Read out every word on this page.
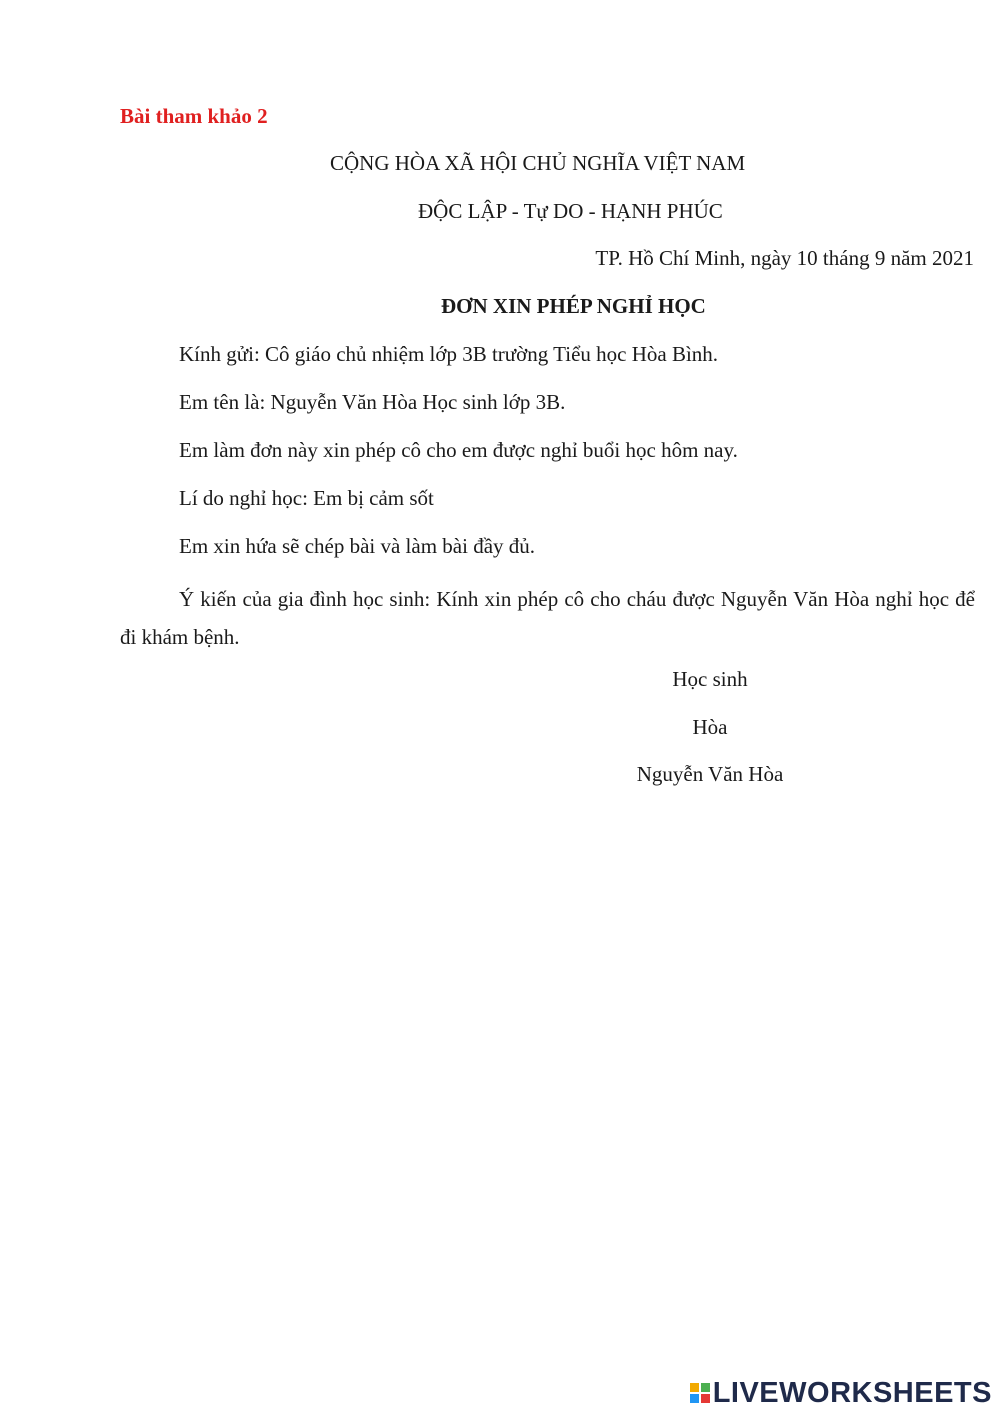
Bài tham khảo 2
CỘNG HÒA XÃ HỘI CHỦ NGHĨA VIỆT NAM
ĐỘC LẬP - Tự DO - HẠNH PHÚC
TP. Hồ Chí Minh, ngày 10 tháng 9 năm 2021
ĐƠN XIN PHÉP NGHỈ HỌC
Kính gửi: Cô giáo chủ nhiệm lớp 3B trường Tiểu học Hòa Bình.
Em tên là: Nguyễn Văn Hòa Học sinh lớp 3B.
Em làm đơn này xin phép cô cho em được nghỉ buổi học hôm nay.
Lí do nghỉ học: Em bị cảm sốt
Em xin hứa sẽ chép bài và làm bài đầy đủ.
Ý kiến của gia đình học sinh: Kính xin phép cô cho cháu được Nguyễn Văn Hòa nghỉ học để đi khám bệnh.
Học sinh
Hòa
Nguyễn Văn Hòa
LIVEWORKSHEETS
